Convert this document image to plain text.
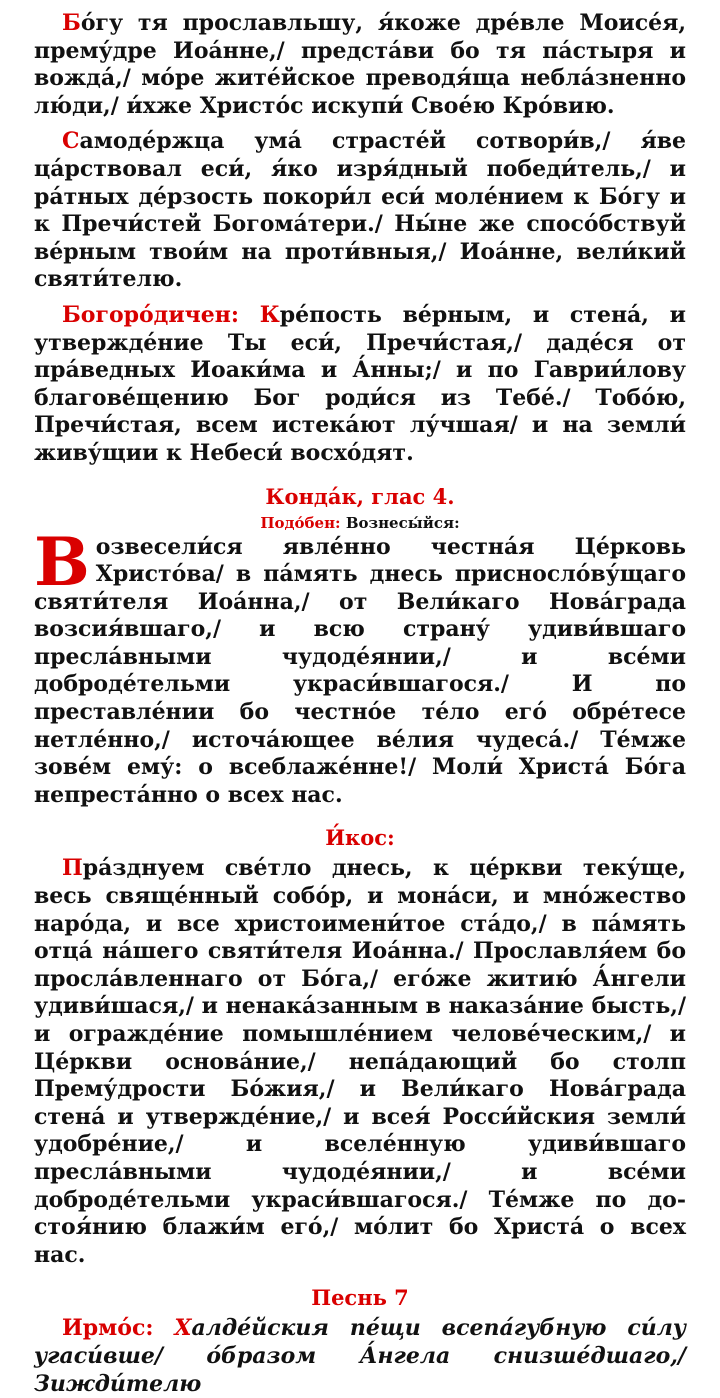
Бо́гу тя прославльшу, я́коже дре́вле Моисе́я, прему́дре Иоа́нне,/ предста́ви бо тя па́стыря и вожда́,/ мо́ре жите́йское преводя́ща небла́зненно лю́ди,/ и́хже Христо́с искупи́ Свое́ю Кро́вию.

Самоде́ржца ума́ страсте́й сотвори́в,/ я́ве ца́рствовал еси́, я́ко изря́дный победи́тель,/ и ра́тных де́рзость покори́л еси́ моле́нием к Бо́гу и к Пречи́стей Богома́тери./ Ны́не же спосо́бствуй ве́рным твои́м на проти́вныя,/ Иоа́нне, вели́кий святи́телю.

Богоро́дичен: Кре́пость ве́рным, и стена́, и утвержде́ние Ты еси́, Пречи́стая,/ даде́ся от пра́ведных Иоаки́ма и А́нны;/ и по Гаврии́лову благове́щению Бог роди́ся из Тебе́./ Тобо́ю, Пречи́стая, всем истека́ют лу́чшая/ и на земли́ живу́щии к Небеси́ восхо́дят.

Конда́к, глас 4.
Подо́бен: Вознесы́йся:

Возвесели́ся явле́нно честна́я Це́рковь Христо́ва/ в па́мять днесь присносло́ву́щаго святи́теля Иоа́нна,/ от Вели́каго Нова́града возсия́вшаго,/ и всю страну́ удиви́вшаго пресла́вными чудоде́янии,/ и все́ми доброде́тельми украси́вшагося./ И по преставле́нии бо честно́е те́ло его́ обре́тесе нетле́нно,/ источа́ющее ве́лия чудеса́./ Те́мже зове́м ему́: о всеблаже́нне!/ Моли́ Христа́ Бо́га непреста́нно о всех нас.

И́кос:

Пра́зднуем све́тло днесь, к це́ркви теку́ще, весь свяще́нный собо́р, и мона́си, и мно́жество наро́да, и все христоимени́тое ста́до,/ в па́мять отца́ на́шего святи́теля Иоа́нна./ Прославля́ем бо просла́вленнаго от Бо́га,/ его́же житию́ А́нгели удиви́шася,/ и ненака́занным в наказа́ние бысть,/ и огражде́ние помышле́нием челове́ческим,/ и Це́ркви основа́ние,/ непа́дающий бо столп Прему́дрости Бо́жия,/ и Вели́каго Нова́града стена́ и утвержде́ние,/ и всея́ Росси́йския земли́ удобре́ние,/ и вселе́нную удиви́вшаго пресла́вными чудоде́янии,/ и все́ми доброде́тельми украси́вшагося./ Те́мже по достоя́нию блажи́м его́,/ мо́лит бо Христа́ о всех нас.

Песнь 7

Ирмо́с: Халде́йския пе́щи всепа́губную си́лу угаси́вше/ о́бразом А́нгела снизше́дшаго,/ Зижди́телю
